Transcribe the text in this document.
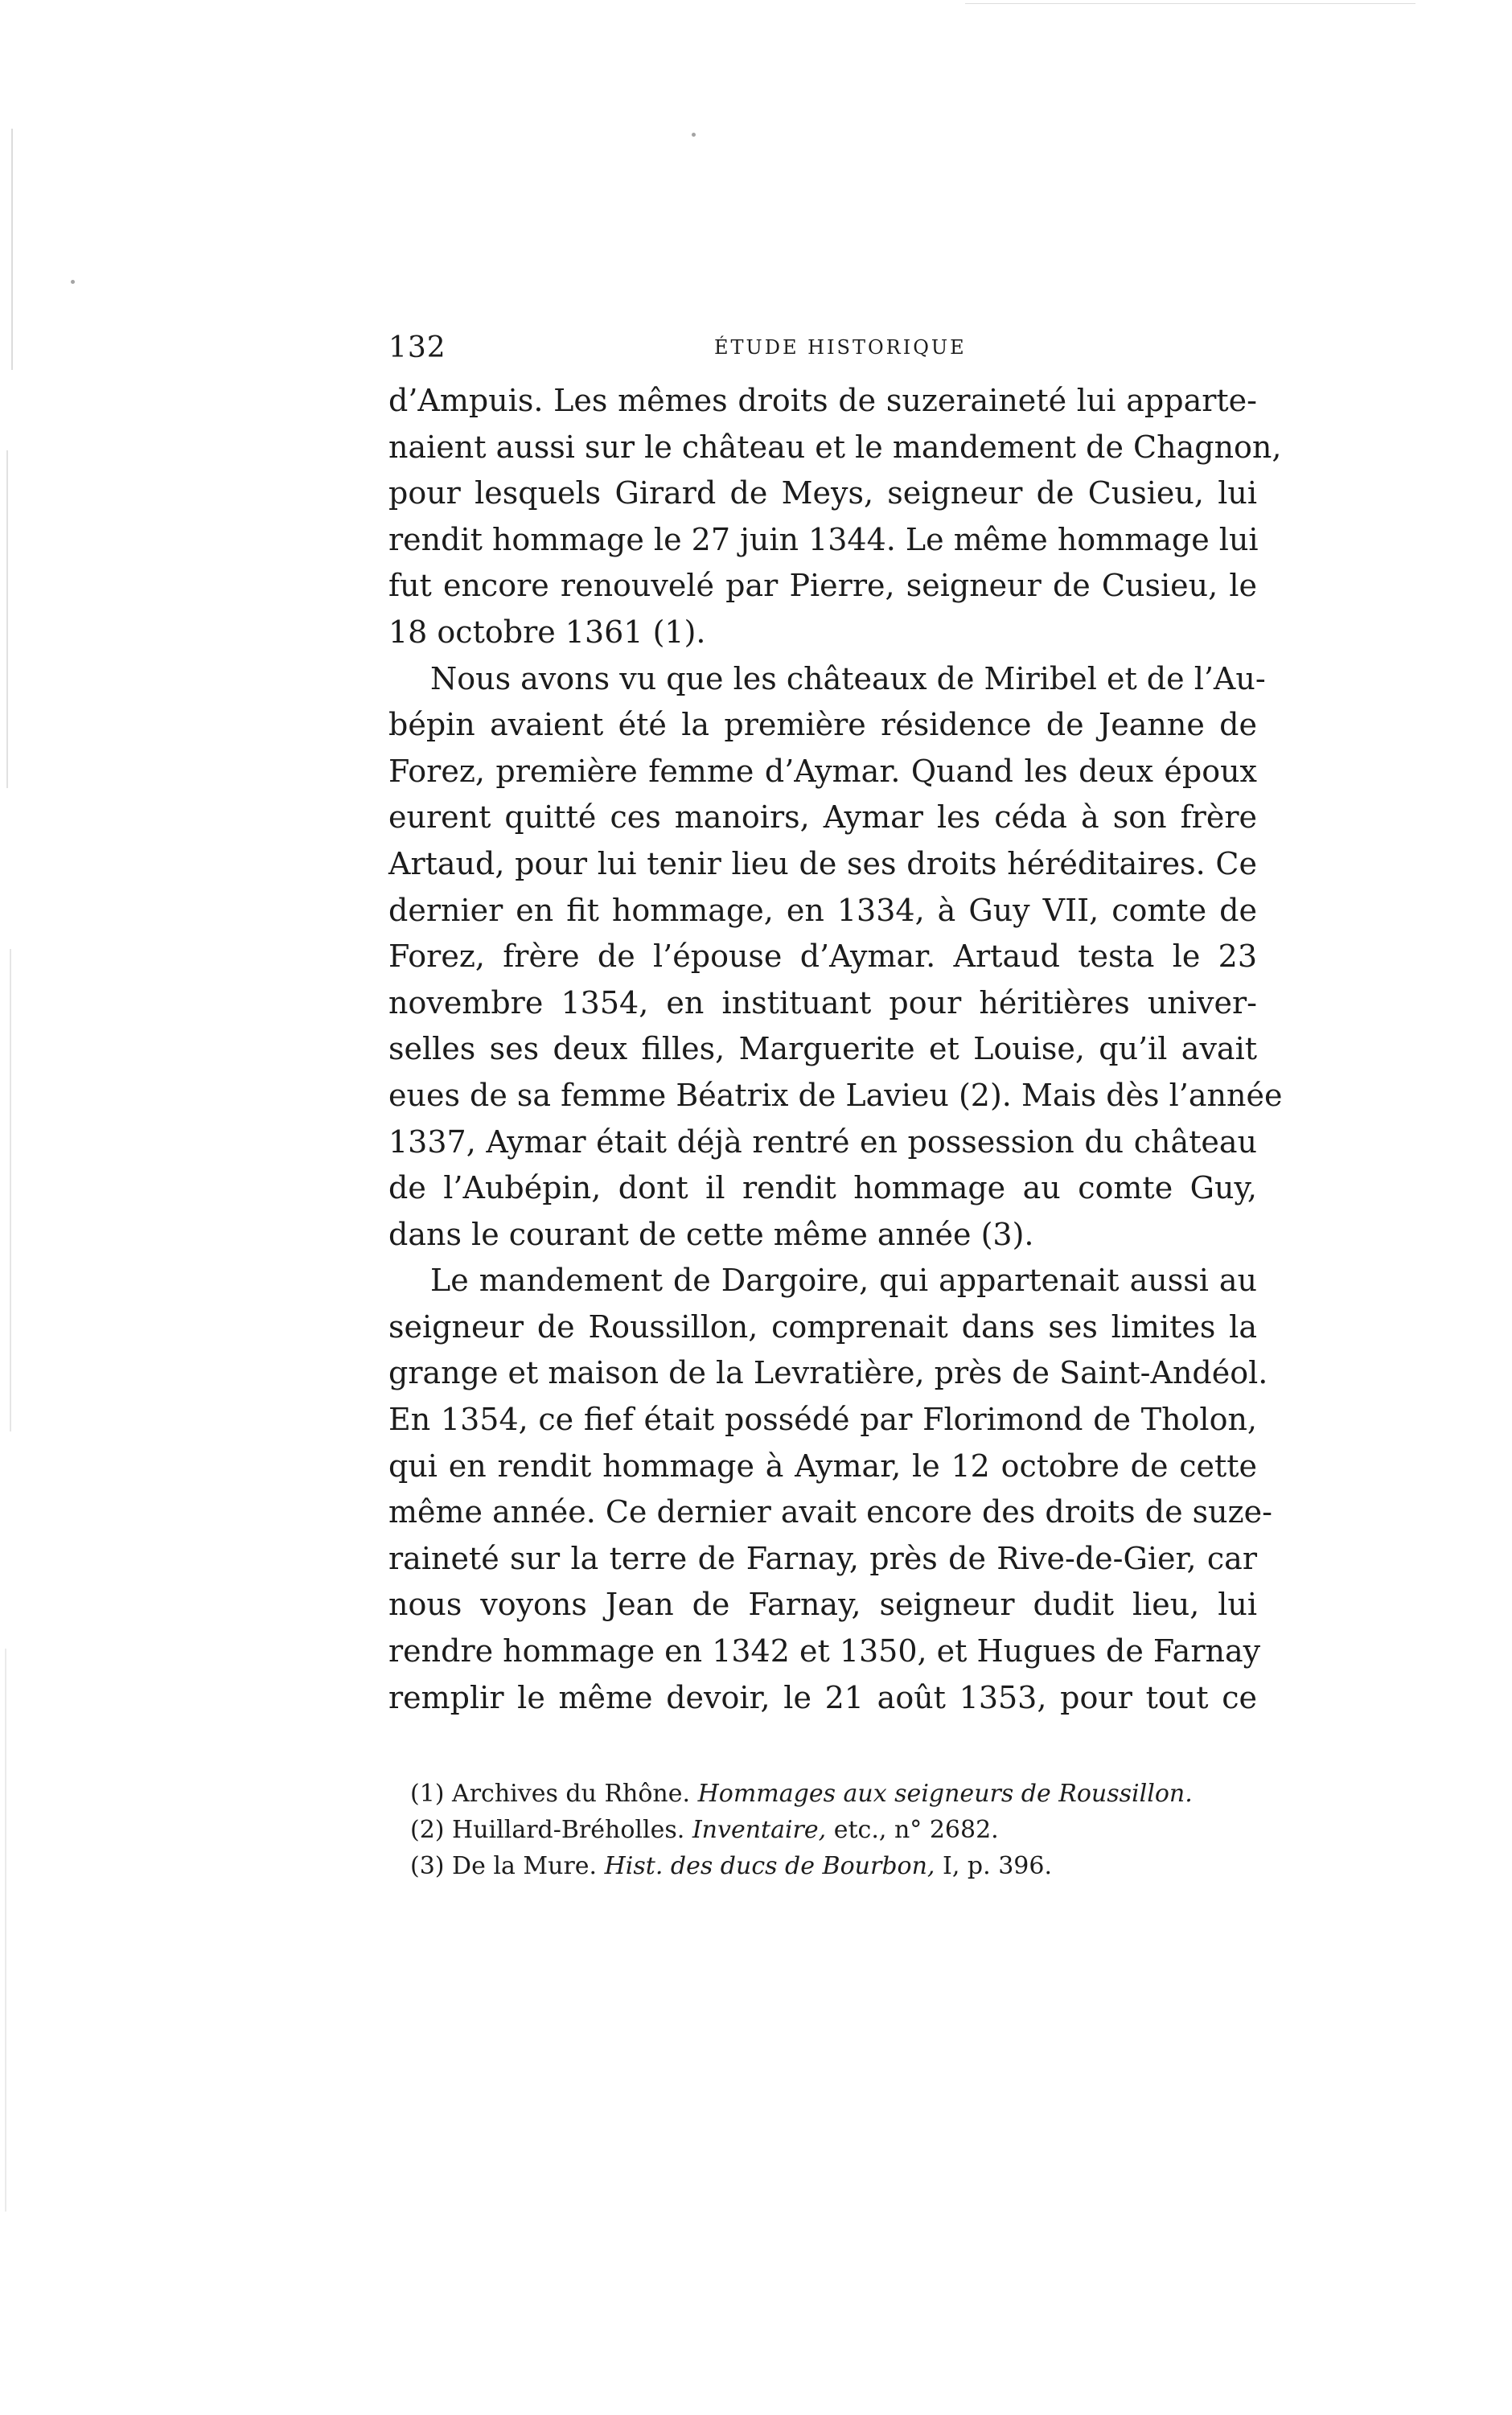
132	ÉTUDE HISTORIQUE
d’Ampuis. Les mêmes droits de suzeraineté lui apparte-
naient aussi sur le château et le mandement de Chagnon,
pour lesquels Girard de Meys, seigneur de Cusieu, lui
rendit hommage le 27 juin 1344. Le même hommage lui
fut encore renouvelé par Pierre, seigneur de Cusieu, le
18 octobre 1361 (1).
Nous avons vu que les châteaux de Miribel et de l’Au-
bépin avaient été la première résidence de Jeanne de
Forez, première femme d’Aymar. Quand les deux époux
eurent quitté ces manoirs, Aymar les céda à son frère
Artaud, pour lui tenir lieu de ses droits héréditaires. Ce
dernier en fit hommage, en 1334, à Guy VII, comte de
Forez, frère de l’épouse d’Aymar. Artaud testa le 23
novembre 1354, en instituant pour héritières univer-
selles ses deux filles, Marguerite et Louise, qu’il avait
eues de sa femme Béatrix de Lavieu (2). Mais dès l’année
1337, Aymar était déjà rentré en possession du château
de l’Aubépin, dont il rendit hommage au comte Guy,
dans le courant de cette même année (3).
Le mandement de Dargoire, qui appartenait aussi au
seigneur de Roussillon, comprenait dans ses limites la
grange et maison de la Levratière, près de Saint-Andéol.
En 1354, ce fief était possédé par Florimond de Tholon,
qui en rendit hommage à Aymar, le 12 octobre de cette
même année. Ce dernier avait encore des droits de suze-
raineté sur la terre de Farnay, près de Rive-de-Gier, car
nous voyons Jean de Farnay, seigneur dudit lieu, lui
rendre hommage en 1342 et 1350, et Hugues de Farnay
remplir le même devoir, le 21 août 1353, pour tout ce
(1) Archives du Rhône. Hommages aux seigneurs de Roussillon.
(2) Huillard-Bréholles. Inventaire, etc., n° 2682.
(3) De la Mure. Hist. des ducs de Bourbon, I, p. 396.
